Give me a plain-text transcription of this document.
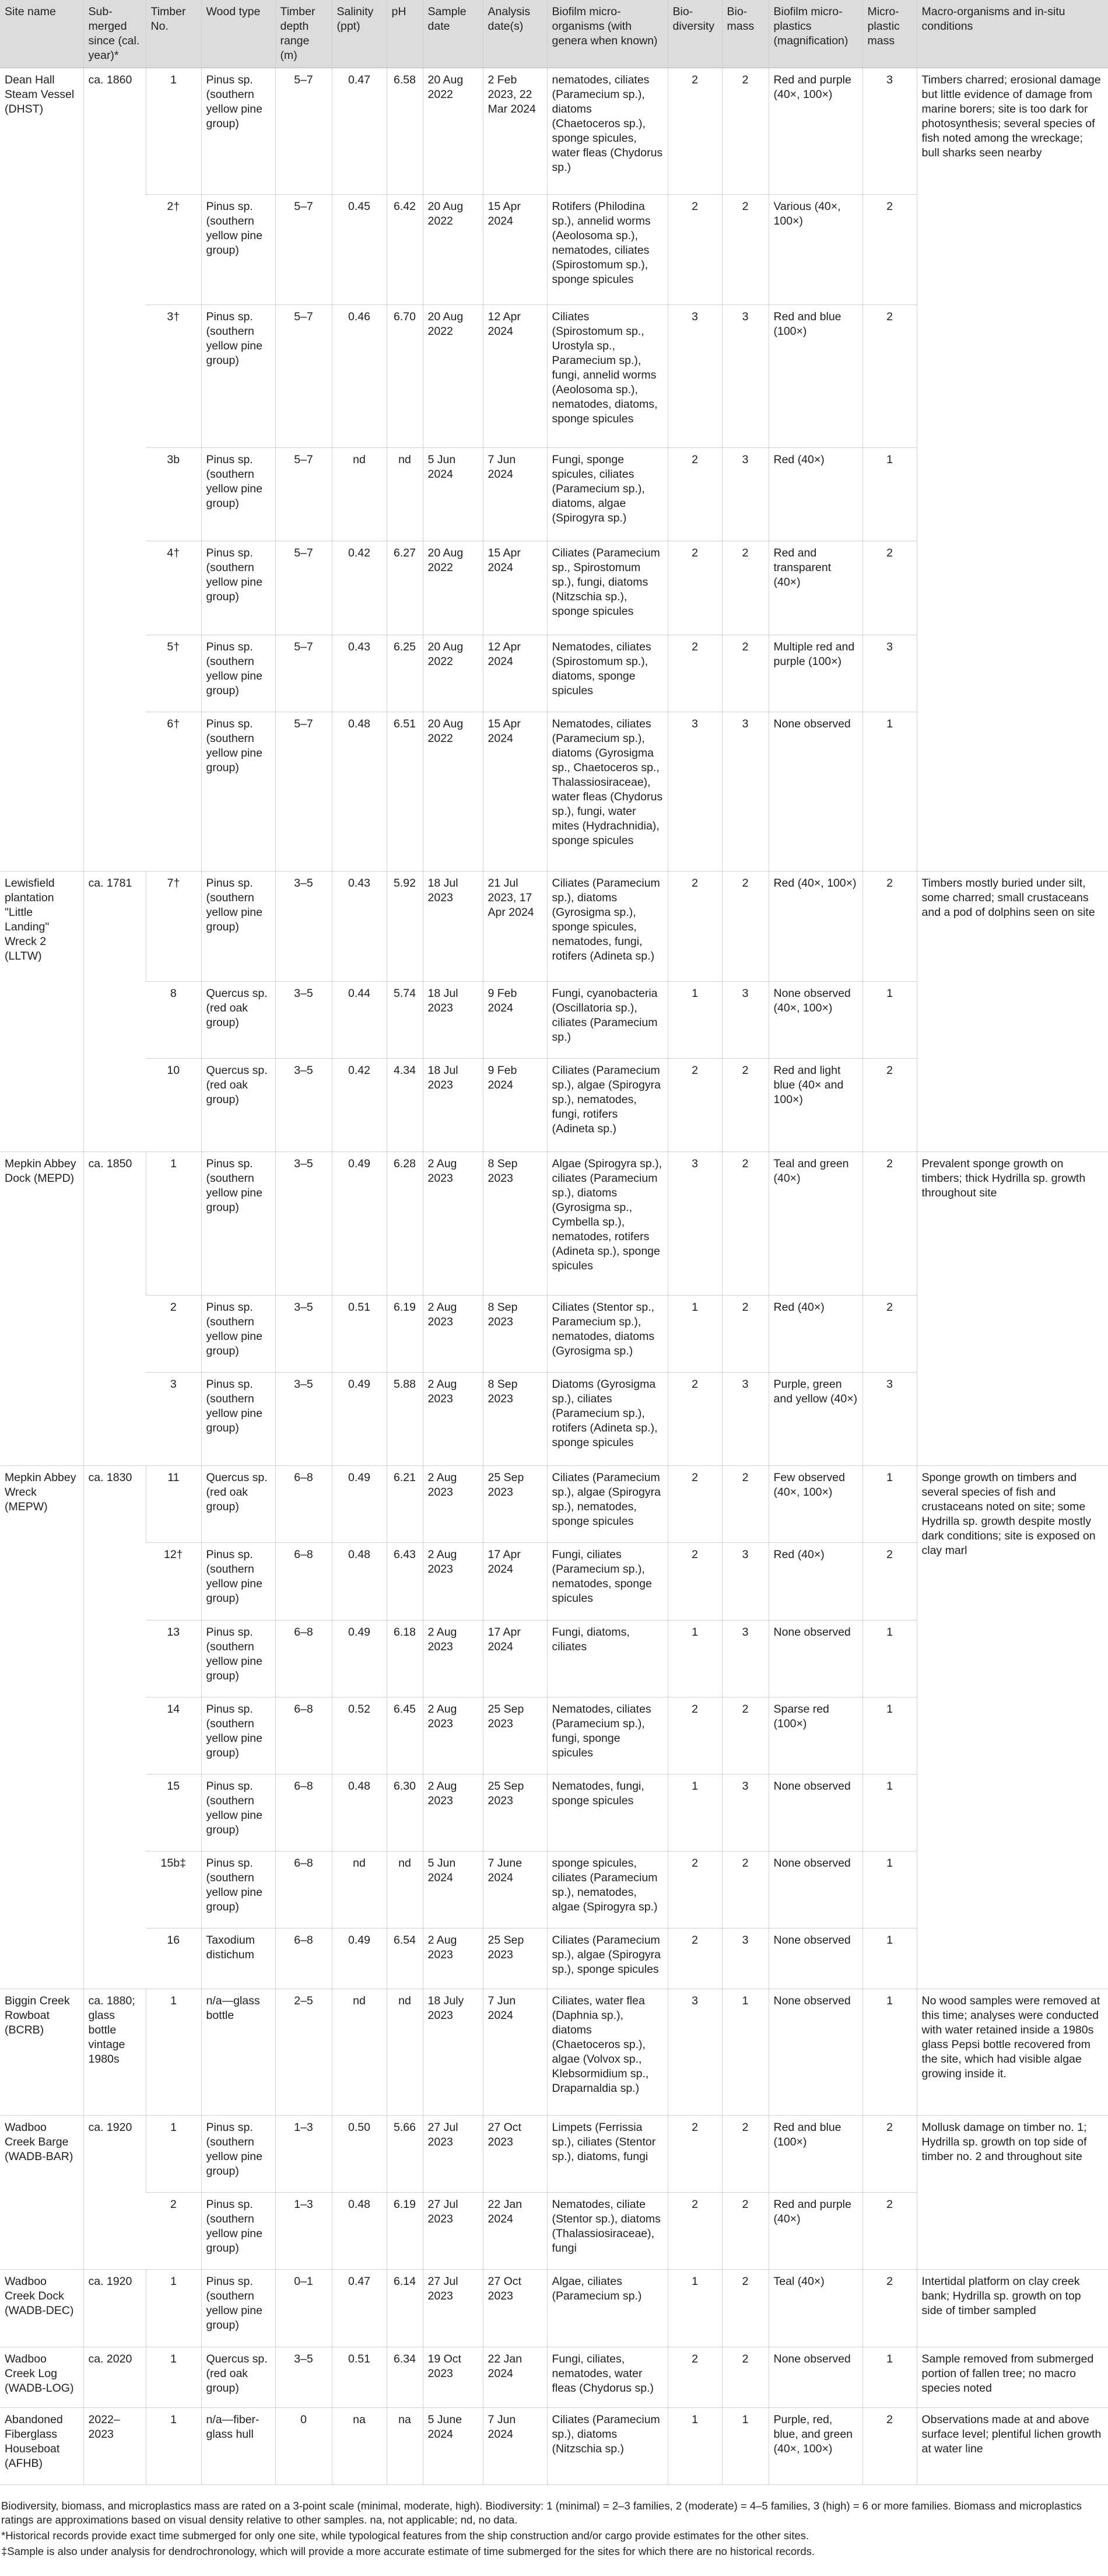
Site name	Sub-merged since (cal. year)*	Timber No.	Wood type	Timber depth range (m)	Salinity (ppt)	pH	Sample date	Analysis date(s)	Biofilm micro-organisms (with genera when known)	Bio-diversity	Bio-mass	Biofilm micro-plastics (magnification)	Micro-plastic mass	Macro-organisms and in-situ conditions
Dean Hall Steam Vessel (DHST)	ca. 1860	1	Pinus sp. (southern yellow pine group)	5–7	0.47	6.58	20 Aug 2022	2 Feb 2023, 22 Mar 2024	nematodes, ciliates (Paramecium sp.), diatoms (Chaetoceros sp.), sponge spicules, water fleas (Chydorus sp.)	2	2	Red and purple (40×, 100×)	3	Timbers charred; erosional damage but little evidence of damage from marine borers; site is too dark for photosynthesis; several species of fish noted among the wreckage; bull sharks seen nearby
		2†	Pinus sp. (southern yellow pine group)	5–7	0.45	6.42	20 Aug 2022	15 Apr 2024	Rotifers (Philodina sp.), annelid worms (Aeolosoma sp.), nematodes, ciliates (Spirostomum sp.), sponge spicules	2	2	Various (40×, 100×)	2	
		3†	Pinus sp. (southern yellow pine group)	5–7	0.46	6.70	20 Aug 2022	12 Apr 2024	Ciliates (Spirostomum sp., Urostyla sp., Paramecium sp.), fungi, annelid worms (Aeolosoma sp.), nematodes, diatoms, sponge spicules	3	3	Red and blue (100×)	2	
		3b	Pinus sp. (southern yellow pine group)	5–7	nd	nd	5 Jun 2024	7 Jun 2024	Fungi, sponge spicules, ciliates (Paramecium sp.), diatoms, algae (Spirogyra sp.)	2	3	Red (40×)	1	
		4†	Pinus sp. (southern yellow pine group)	5–7	0.42	6.27	20 Aug 2022	15 Apr 2024	Ciliates (Paramecium sp., Spirostomum sp.), fungi, diatoms (Nitzschia sp.), sponge spicules	2	2	Red and transparent (40×)	2	
		5†	Pinus sp. (southern yellow pine group)	5–7	0.43	6.25	20 Aug 2022	12 Apr 2024	Nematodes, ciliates (Spirostomum sp.), diatoms, sponge spicules	2	2	Multiple red and purple (100×)	3	
		6†	Pinus sp. (southern yellow pine group)	5–7	0.48	6.51	20 Aug 2022	15 Apr 2024	Nematodes, ciliates (Paramecium sp.), diatoms (Gyrosigma sp., Chaetoceros sp., Thalassiosiraceae), water fleas (Chydorus sp.), fungi, water mites (Hydrachnidia), sponge spicules	3	3	None observed	1	
Lewisfield plantation "Little Landing" Wreck 2 (LLTW)	ca. 1781	7†	Pinus sp. (southern yellow pine group)	3–5	0.43	5.92	18 Jul 2023	21 Jul 2023, 17 Apr 2024	Ciliates (Paramecium sp.), diatoms (Gyrosigma sp.), sponge spicules, nematodes, fungi, rotifers (Adineta sp.)	2	2	Red (40×, 100×)	2	Timbers mostly buried under silt, some charred; small crustaceans and a pod of dolphins seen on site
		8	Quercus sp. (red oak group)	3–5	0.44	5.74	18 Jul 2023	9 Feb 2024	Fungi, cyanobacteria (Oscillatoria sp.), ciliates (Paramecium sp.)	1	3	None observed (40×, 100×)	1	
		10	Quercus sp. (red oak group)	3–5	0.42	4.34	18 Jul 2023	9 Feb 2024	Ciliates (Paramecium sp.), algae (Spirogyra sp.), nematodes, fungi, rotifers (Adineta sp.)	2	2	Red and light blue (40× and 100×)	2	
Mepkin Abbey Dock (MEPD)	ca. 1850	1	Pinus sp. (southern yellow pine group)	3–5	0.49	6.28	2 Aug 2023	8 Sep 2023	Algae (Spirogyra sp.), ciliates (Paramecium sp.), diatoms (Gyrosigma sp., Cymbella sp.), nematodes, rotifers (Adineta sp.), sponge spicules	3	2	Teal and green (40×)	2	Prevalent sponge growth on timbers; thick Hydrilla sp. growth throughout site
		2	Pinus sp. (southern yellow pine group)	3–5	0.51	6.19	2 Aug 2023	8 Sep 2023	Ciliates (Stentor sp., Paramecium sp.), nematodes, diatoms (Gyrosigma sp.)	1	2	Red (40×)	2	
		3	Pinus sp. (southern yellow pine group)	3–5	0.49	5.88	2 Aug 2023	8 Sep 2023	Diatoms (Gyrosigma sp.), ciliates (Paramecium sp.), rotifers (Adineta sp.), sponge spicules	2	3	Purple, green and yellow (40×)	3	
Mepkin Abbey Wreck (MEPW)	ca. 1830	11	Quercus sp. (red oak group)	6–8	0.49	6.21	2 Aug 2023	25 Sep 2023	Ciliates (Paramecium sp.), algae (Spirogyra sp.), nematodes, sponge spicules	2	2	Few observed (40×, 100×)	1	Sponge growth on timbers and several species of fish and crustaceans noted on site; some Hydrilla sp. growth despite mostly dark conditions; site is exposed on clay marl
		12†	Pinus sp. (southern yellow pine group)	6–8	0.48	6.43	2 Aug 2023	17 Apr 2024	Fungi, ciliates (Paramecium sp.), nematodes, sponge spicules	2	3	Red (40×)	2	
		13	Pinus sp. (southern yellow pine group)	6–8	0.49	6.18	2 Aug 2023	17 Apr 2024	Fungi, diatoms, ciliates	1	3	None observed	1	
		14	Pinus sp. (southern yellow pine group)	6–8	0.52	6.45	2 Aug 2023	25 Sep 2023	Nematodes, ciliates (Paramecium sp.), fungi, sponge spicules	2	2	Sparse red (100×)	1	
		15	Pinus sp. (southern yellow pine group)	6–8	0.48	6.30	2 Aug 2023	25 Sep 2023	Nematodes, fungi, sponge spicules	1	3	None observed	1	
		15b‡	Pinus sp. (southern yellow pine group)	6–8	nd	nd	5 Jun 2024	7 June 2024	sponge spicules, ciliates (Paramecium sp.), nematodes, algae (Spirogyra sp.)	2	2	None observed	1	
		16	Taxodium distichum	6–8	0.49	6.54	2 Aug 2023	25 Sep 2023	Ciliates (Paramecium sp.), algae (Spirogyra sp.), sponge spicules	2	3	None observed	1	
Biggin Creek Rowboat (BCRB)	ca. 1880; glass bottle vintage 1980s	1	n/a—glass bottle	2–5	nd	nd	18 July 2023	7 Jun 2024	Ciliates, water flea (Daphnia sp.), diatoms (Chaetoceros sp.), algae (Volvox sp., Klebsormidium sp., Draparnaldia sp.)	3	1	None observed	1	No wood samples were removed at this time; analyses were conducted with water retained inside a 1980s glass Pepsi bottle recovered from the site, which had visible algae growing inside it.
Wadboo Creek Barge (WADB-BAR)	ca. 1920	1	Pinus sp. (southern yellow pine group)	1–3	0.50	5.66	27 Jul 2023	27 Oct 2023	Limpets (Ferrissia sp.), ciliates (Stentor sp.), diatoms, fungi	2	2	Red and blue (100×)	2	Mollusk damage on timber no. 1; Hydrilla sp. growth on top side of timber no. 2 and throughout site
		2	Pinus sp. (southern yellow pine group)	1–3	0.48	6.19	27 Jul 2023	22 Jan 2024	Nematodes, ciliate (Stentor sp.), diatoms (Thalassiosiraceae), fungi	2	2	Red and purple (40×)	2	
Wadboo Creek Dock (WADB-DEC)	ca. 1920	1	Pinus sp. (southern yellow pine group)	0–1	0.47	6.14	27 Jul 2023	27 Oct 2023	Algae, ciliates (Paramecium sp.)	1	2	Teal (40×)	2	Intertidal platform on clay creek bank; Hydrilla sp. growth on top side of timber sampled
Wadboo Creek Log (WADB-LOG)	ca. 2020	1	Quercus sp. (red oak group)	3–5	0.51	6.34	19 Oct 2023	22 Jan 2024	Fungi, ciliates, nematodes, water fleas (Chydorus sp.)	2	2	None observed	1	Sample removed from submerged portion of fallen tree; no macro species noted
Abandoned Fiberglass Houseboat (AFHB)	2022–2023	1	n/a—fiber-glass hull	0	na	na	5 June 2024	7 Jun 2024	Ciliates (Paramecium sp.), diatoms (Nitzschia sp.)	1	1	Purple, red, blue, and green (40×, 100×)	2	Observations made at and above surface level; plentiful lichen growth at water line

Biodiversity, biomass, and microplastics mass are rated on a 3-point scale (minimal, moderate, high). Biodiversity: 1 (minimal) = 2–3 families, 2 (moderate) = 4–5 families, 3 (high) = 6 or more families. Biomass and microplastics ratings are approximations based on visual density relative to other samples. na, not applicable; nd, no data.

*Historical records provide exact time submerged for only one site, while typological features from the ship construction and/or cargo provide estimates for the other sites.

‡Sample is also under analysis for dendrochronology, which will provide a more accurate estimate of time submerged for the sites for which there are no historical records.
